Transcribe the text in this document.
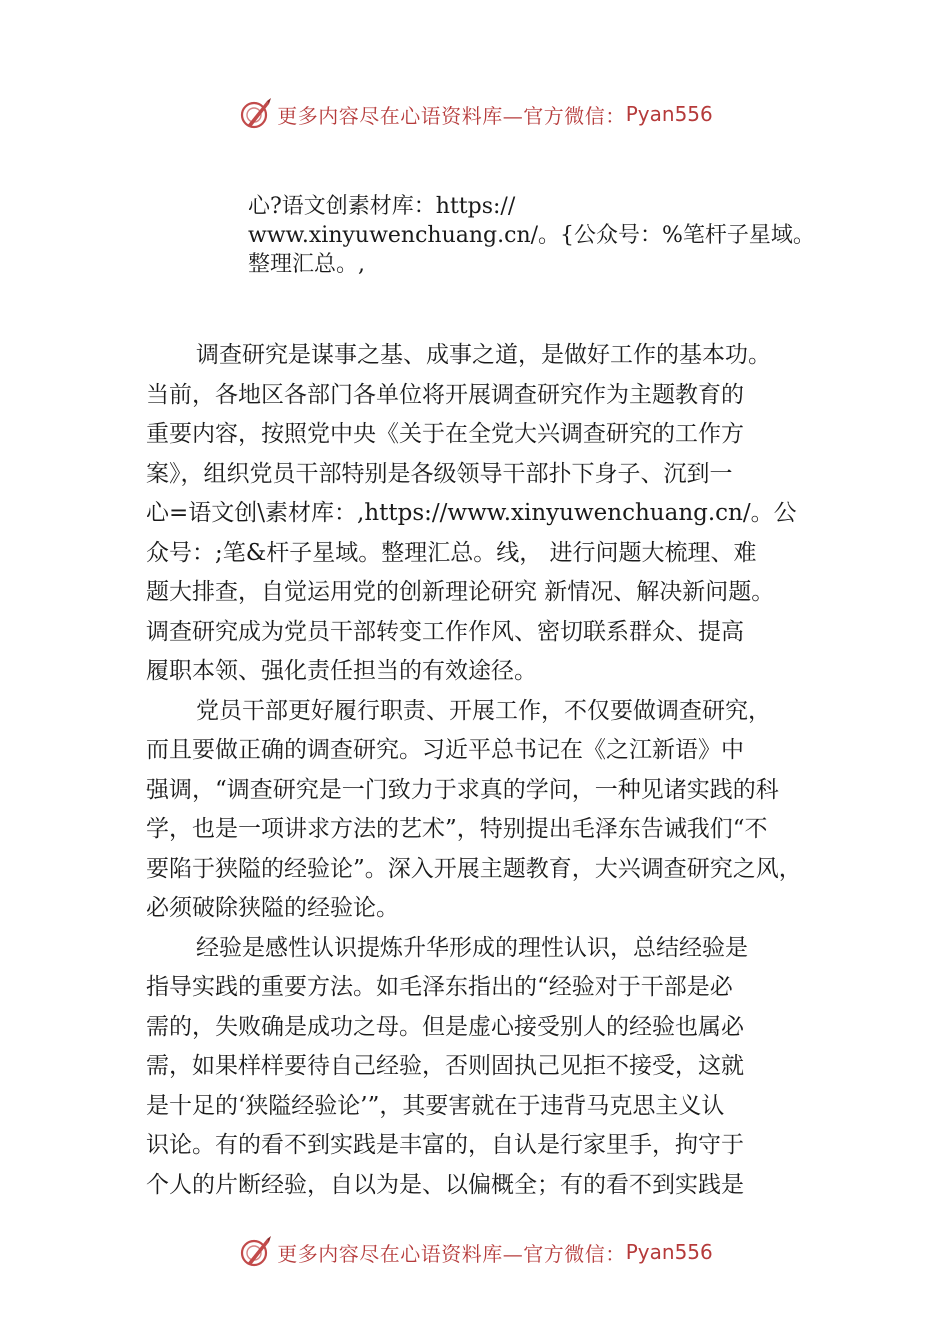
更多内容尽在心语资料库—官方微信： Pyan556
心?语文创素材库：https://
www.xinyuwenchuang.cn/。{公众号：%笔杆子星域。
整理汇总。,
调查研究是谋事之基、成事之道，是做好工作的基本功。
当前，各地区各部门各单位将开展调查研究作为主题教育的
重要内容，按照党中央《关于在全党大兴调查研究的工作方
案》，组织党员干部特别是各级领导干部扑下身子、沉到一
心=语文创\素材库：,https://www.xinyuwenchuang.cn/。公
众号：;笔&杆子星域。整理汇总。线， 进行问题大梳理、难
题大排查，自觉运用党的创新理论研究 新情况、解决新问题。
调查研究成为党员干部转变工作作风、密切联系群众、提高
履职本领、强化责任担当的有效途径。
党员干部更好履行职责、开展工作，不仅要做调查研究，
而且要做正确的调查研究。习近平总书记在《之江新语》中
强调，“调查研究是一门致力于求真的学问，一种见诸实践的科
学，也是一项讲求方法的艺术”，特别提出毛泽东告诫我们“不
要陷于狭隘的经验论”。深入开展主题教育，大兴调查研究之风，
必须破除狭隘的经验论。
经验是感性认识提炼升华形成的理性认识，总结经验是
指导实践的重要方法。如毛泽东指出的“经验对于干部是必
需的，失败确是成功之母。但是虚心接受别人的经验也属必
需，如果样样要待自己经验，否则固执己见拒不接受，这就
是十足的‘狭隘经验论’”，其要害就在于违背马克思主义认
识论。有的看不到实践是丰富的，自认是行家里手，拘守于
个人的片断经验，自以为是、以偏概全；有的看不到实践是
更多内容尽在心语资料库—官方微信： Pyan556
